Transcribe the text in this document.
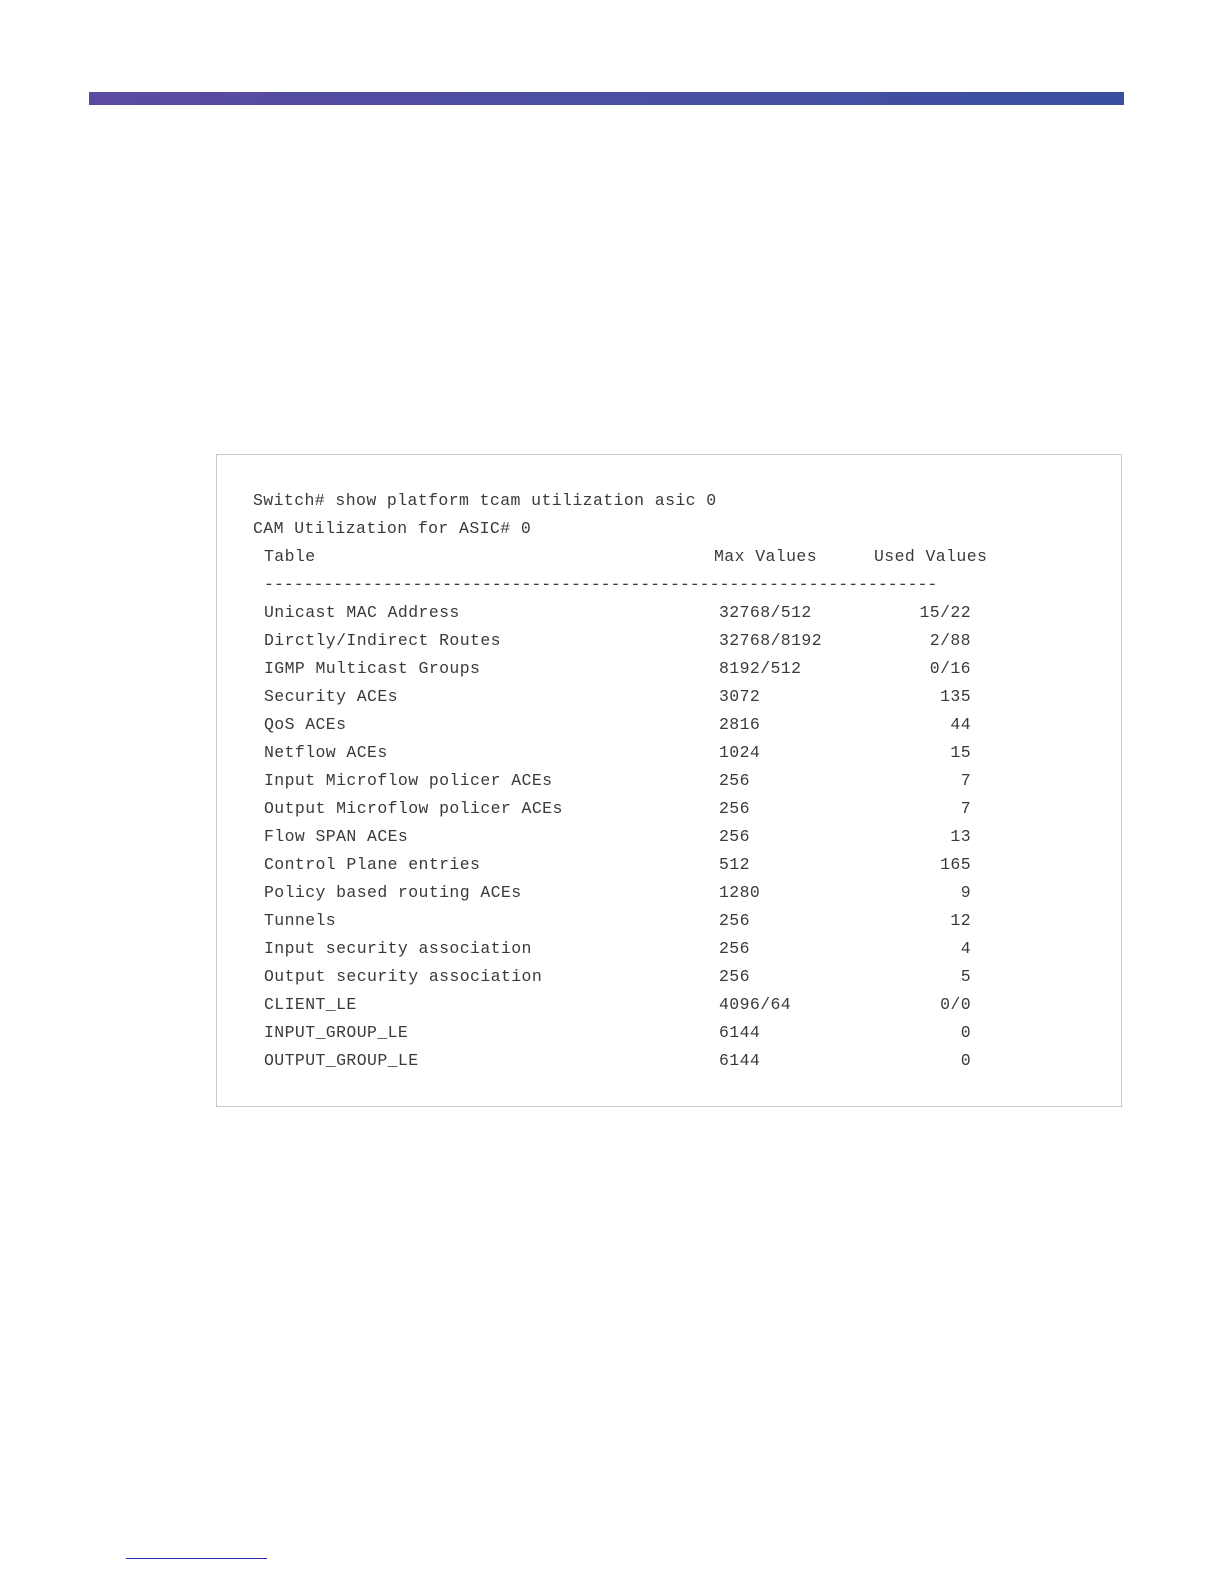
Switch# show platform tcam utilization asic 0
CAM Utilization for ASIC# 0
Table	Max Values	Used Values
--------------------------------------------------------------------
Unicast MAC Address	32768/512	15/22
Dirctly/Indirect Routes	32768/8192	2/88
IGMP Multicast Groups	8192/512	0/16
Security ACEs	3072	135
QoS ACEs	2816	44
Netflow ACEs	1024	15
Input Microflow policer ACEs	256	7
Output Microflow policer ACEs	256	7
Flow SPAN ACEs	256	13
Control Plane entries	512	165
Policy based routing ACEs	1280	9
Tunnels	256	12
Input security association	256	4
Output security association	256	5
CLIENT_LE	4096/64	0/0
INPUT_GROUP_LE	6144	0
OUTPUT_GROUP_LE	6144	0
